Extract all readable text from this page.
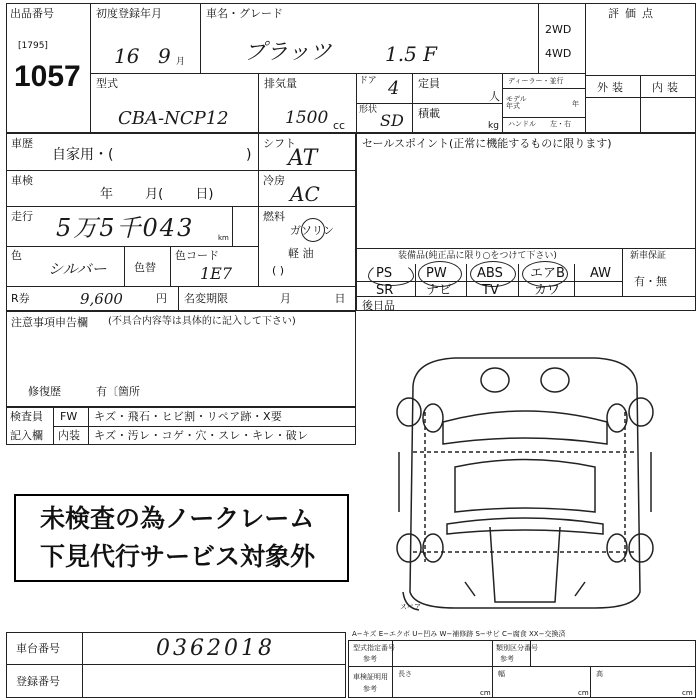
出品番号
[1795]
1057
初度登録年月
16 9 月
車名・グレード
プラッツ	1.5 F
2WD
4WD
評価点
型式
CBA-NCP12
排気量
1500 cc
ドア 4
形状
SD
定員
人
積載
kg
ディーラー・並行
モデル年式	年
ハンドル 左・右
外装 内装
車歴
自家用・(	)
シフト
AT
車検
年 月( 日)
冷房
AC
走行 5万5千043	km
燃料
ガソリン
軽 油
( )
色
シルバー 色替
色コード
1E7
R券	9,600	円 名変期限	月 日
セールスポイント(正常に機能するものに限ります)
装備品(純正品に限り○をつけて下さい)	新車保証
有・無
PS	PW ABS エアB AW
SR	ナビ TV	カワ
後日品
注意事項申告欄 (不具合内容等は具体的に記入して下さい)
修復歴	有〔箇所
検査員
記入欄
FW キズ・飛石・ヒビ割・リペア跡・X要
内装 キズ・汚レ・コゲ・穴・スレ・キレ・破レ
未検査の為ノークレーム
下見代行サービス対象外
スペア
A−キズ E−エクボ U−凹み W−補修跡 S−サビ C−腐食 XX−交換済
車台番号	0362018
登録番号
型式指定番号
参考
類別区分番号
参考
車検証明用
参考
長さ
cm
幅
cm
高
cm
